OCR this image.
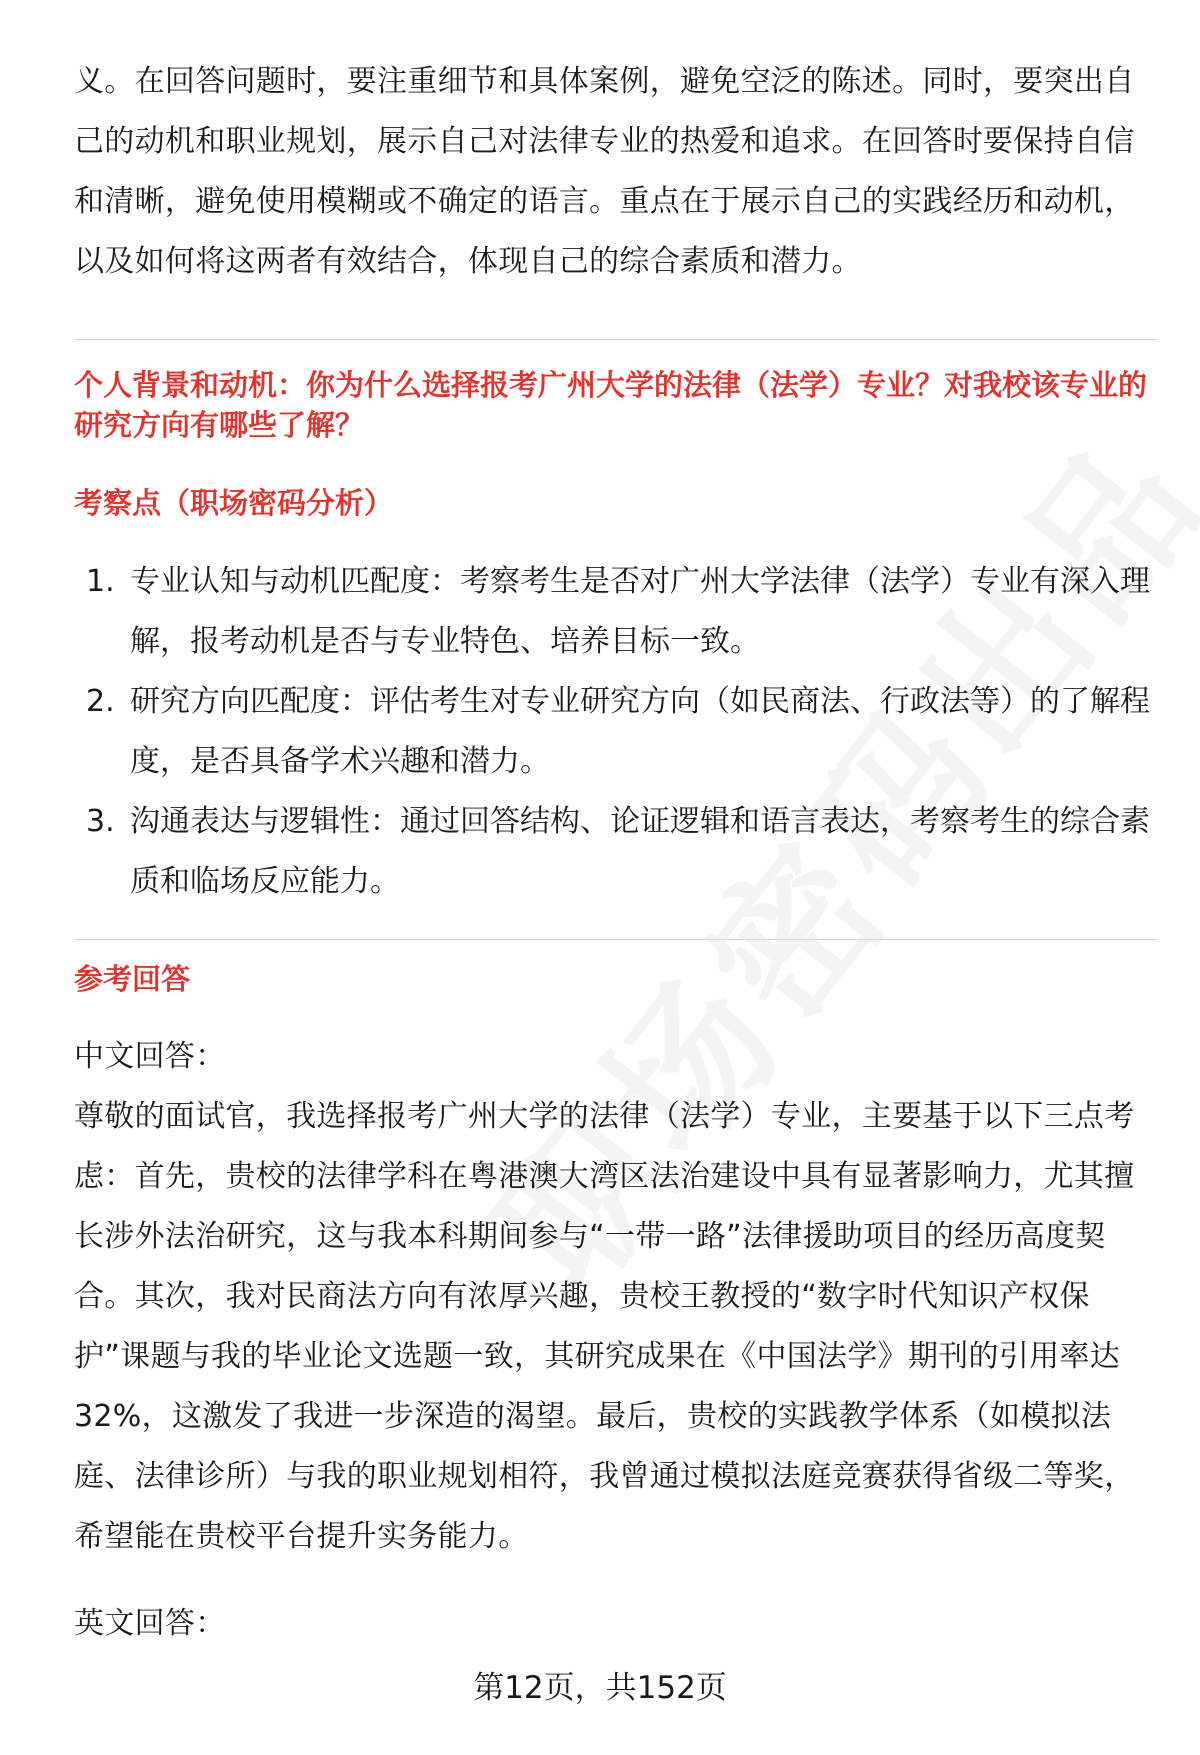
义。在回答问题时，要注重细节和具体案例，避免空泛的陈述。同时，要突出自己的动机和职业规划，展示自己对法律专业的热爱和追求。在回答时要保持自信和清晰，避免使用模糊或不确定的语言。重点在于展示自己的实践经历和动机，以及如何将这两者有效结合，体现自己的综合素质和潜力。

个人背景和动机：你为什么选择报考广州大学的法律（法学）专业？对我校该专业的研究方向有哪些了解？

考察点（职场密码分析）

1. 专业认知与动机匹配度：考察考生是否对广州大学法律（法学）专业有深入理解，报考动机是否与专业特色、培养目标一致。
2. 研究方向匹配度：评估考生对专业研究方向（如民商法、行政法等）的了解程度，是否具备学术兴趣和潜力。
3. 沟通表达与逻辑性：通过回答结构、论证逻辑和语言表达，考察考生的综合素质和临场反应能力。

参考回答

中文回答：

尊敬的面试官，我选择报考广州大学的法律（法学）专业，主要基于以下三点考虑：首先，贵校的法律学科在粤港澳大湾区法治建设中具有显著影响力，尤其擅长涉外法治研究，这与我本科期间参与“一带一路”法律援助项目的经历高度契合。其次，我对民商法方向有浓厚兴趣，贵校王教授的“数字时代知识产权保护”课题与我的毕业论文选题一致，其研究成果在《中国法学》期刊的引用率达32%，这激发了我进一步深造的渴望。最后，贵校的实践教学体系（如模拟法庭、法律诊所）与我的职业规划相符，我曾通过模拟法庭竞赛获得省级二等奖，希望能在贵校平台提升实务能力。

英文回答：

第12页，共152页
